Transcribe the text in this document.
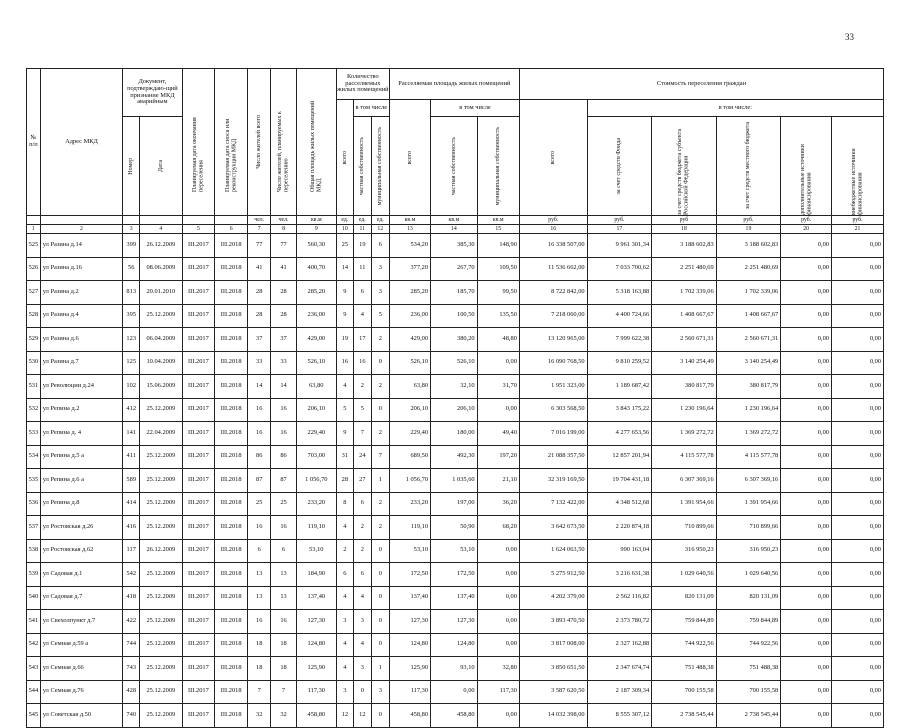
33
№ п/п	Адрес МКД	Документ, подтверждаю-щий признание МКД аварийным		Планируемая дата окончания переселения	Планируемая дата сноса или реконструкции МКД	Число жителей всего	Число жителей, планируемых к переселению	Общая площадь жилых помещений МКД	Количество расселяемых жилых помещений			Расселяемая площадь жилых помещений			Стоимость переселения граждан					

									всего	в том числе		всего	в том числе		всего	в том числе:				

		Номер	Дата							частная собственность	муниципальная собственность		частная собственность	муниципальная собственность		за счет средств Фонда	за счет средств бюджета субъекта Российской Федерации	за счет средств местного бюджета	дополнительные источники финансирования	внебюджетные источники финансирования

						чел.	чел.	кв.м	ед.	ед.	ед.	кв.м	кв.м	кв.м	руб.	руб.	руб	руб.	руб.	руб.
1	2	3	4	5	6	7	8	9	10	11	12	13	14	15	16	17	18	19	20	21
525	ул Разина д.14	399	26.12.2009	III.2017	III.2018	77	77	560,30	25	19	6	534,20	385,30	148,90	16 338 507,00	9 961 301,34	3 188 602,83	3 188 602,83	0,00	0,00
526	ул Разина д.16	56	08.06.2009	III.2017	III.2018	41	41	400,70	14	11	3	377,20	267,70	109,50	11 536 662,00	7 033 700,62	2 251 480,69	2 251 480,69	0,00	0,00
527	ул Разина д.2	813	20.01.2010	III.2017	III.2018	28	28	285,20	9	6	3	285,20	185,70	99,50	8 722 842,00	5 318 163,88	1 702 339,06	1 702 339,06	0,00	0,00
528	ул Разина д.4	395	25.12.2009	III.2017	III.2018	28	28	236,00	9	4	5	236,00	100,50	135,50	7 218 060,00	4 400 724,66	1 408 667,67	1 408 667,67	0,00	0,00
529	ул Разина д.6	123	06.04.2009	III.2017	III.2018	37	37	429,00	19	17	2	429,00	380,20	48,80	13 120 965,00	7 999 622,38	2 560 671,31	2 560 671,31	0,00	0,00
530	ул Разина д.7	125	10.04.2009	III.2017	III.2018	33	33	526,10	16	16	0	526,10	526,10	0,00	16 090 768,50	9 810 259,52	3 140 254,49	3 140 254,49	0,00	0,00
531	ул Революции д.24	102	15.06.2009	III.2017	III.2018	14	14	63,80	4	2	2	63,80	32,10	31,70	1 951 323,00	1 189 687,42	380 817,79	380 817,79	0,00	0,00
532	ул Репина д.2	412	25.12.2009	III.2017	III.2018	16	16	206,10	5	5	0	206,10	206,10	0,00	6 303 568,50	3 843 175,22	1 230 196,64	1 230 196,64	0,00	0,00
533	ул Репина д. 4	141	22.04.2009	III.2017	III.2018	16	16	229,40	9	7	2	229,40	180,00	49,40	7 016 199,00	4 277 653,56	1 369 272,72	1 369 272,72	0,00	0,00
534	ул Репина д.5 а	411	25.12.2009	III.2017	III.2018	86	86	703,00	31	24	7	689,50	492,30	197,20	21 088 357,50	12 857 201,94	4 115 577,78	4 115 577,78	0,00	0,00
535	ул Репина д.6 а	589	25.12.2009	III.2017	III.2018	87	87	1 056,70	28	27	1	1 056,70	1 035,60	21,10	32 319 169,50	19 704 431,18	6 307 369,16	6 307 369,16	0,00	0,00
536	ул Репина д.8	414	25.12.2009	III.2017	III.2018	25	25	233,20	8	6	2	233,20	197,00	36,20	7 132 422,00	4 348 512,68	1 391 954,66	1 391 954,66	0,00	0,00
537	ул Ростовская д.26	416	25.12.2009	III.2017	III.2018	16	16	119,10	4	2	2	119,10	50,90	68,20	3 642 673,50	2 220 874,18	710 899,66	710 899,66	0,00	0,00
538	ул Ростовская д.62	117	26.12.2009	III.2017	III.2018	6	6	53,10	2	2	0	53,10	53,10	0,00	1 624 063,50	990 163,04	316 950,23	316 950,23	0,00	0,00
539	ул Садовая д.1	542	25.12.2009	III.2017	III.2018	13	13	184,90	6	6	0	172,50	172,50	0,00	5 275 912,50	3 216 631,38	1 029 640,56	1 029 640,56	0,00	0,00
540	ул Садовая д.7	418	25.12.2009	III.2017	III.2018	13	13	137,40	4	4	0	137,40	137,40	0,00	4 202 379,00	2 562 116,82	820 131,09	820 131,09	0,00	0,00
541	ул Свехолпункт д.7	422	25.12.2009	III.2017	III.2018	16	16	127,30	3	3	0	127,30	127,30	0,00	3 893 470,50	2 373 780,72	759 844,89	759 844,89	0,00	0,00
542	ул Семная д.59 а	744	25.12.2009	III.2017	III.2018	18	18	124,80	4	4	0	124,80	124,80	0,00	3 817 008,00	2 327 162,88	744 922,56	744 922,56	0,00	0,00
543	ул Семная д.66	743	25.12.2009	III.2017	III.2018	18	18	125,90	4	3	1	125,90	93,10	32,80	3 850 651,50	2 347 674,74	751 488,38	751 488,38	0,00	0,00
544	ул Семная д.76	428	25.12.2009	III.2017	III.2018	7	7	117,30	3	0	3	117,30	0,00	117,30	3 587 620,50	2 187 309,34	700 155,58	700 155,58	0,00	0,00
545	ул Советская д.50	740	25.12.2009	III.2017	III.2018	32	32	458,80	12	12	0	458,80	458,80	0,00	14 032 398,00	8 555 307,12	2 738 545,44	2 738 545,44	0,00	0,00
